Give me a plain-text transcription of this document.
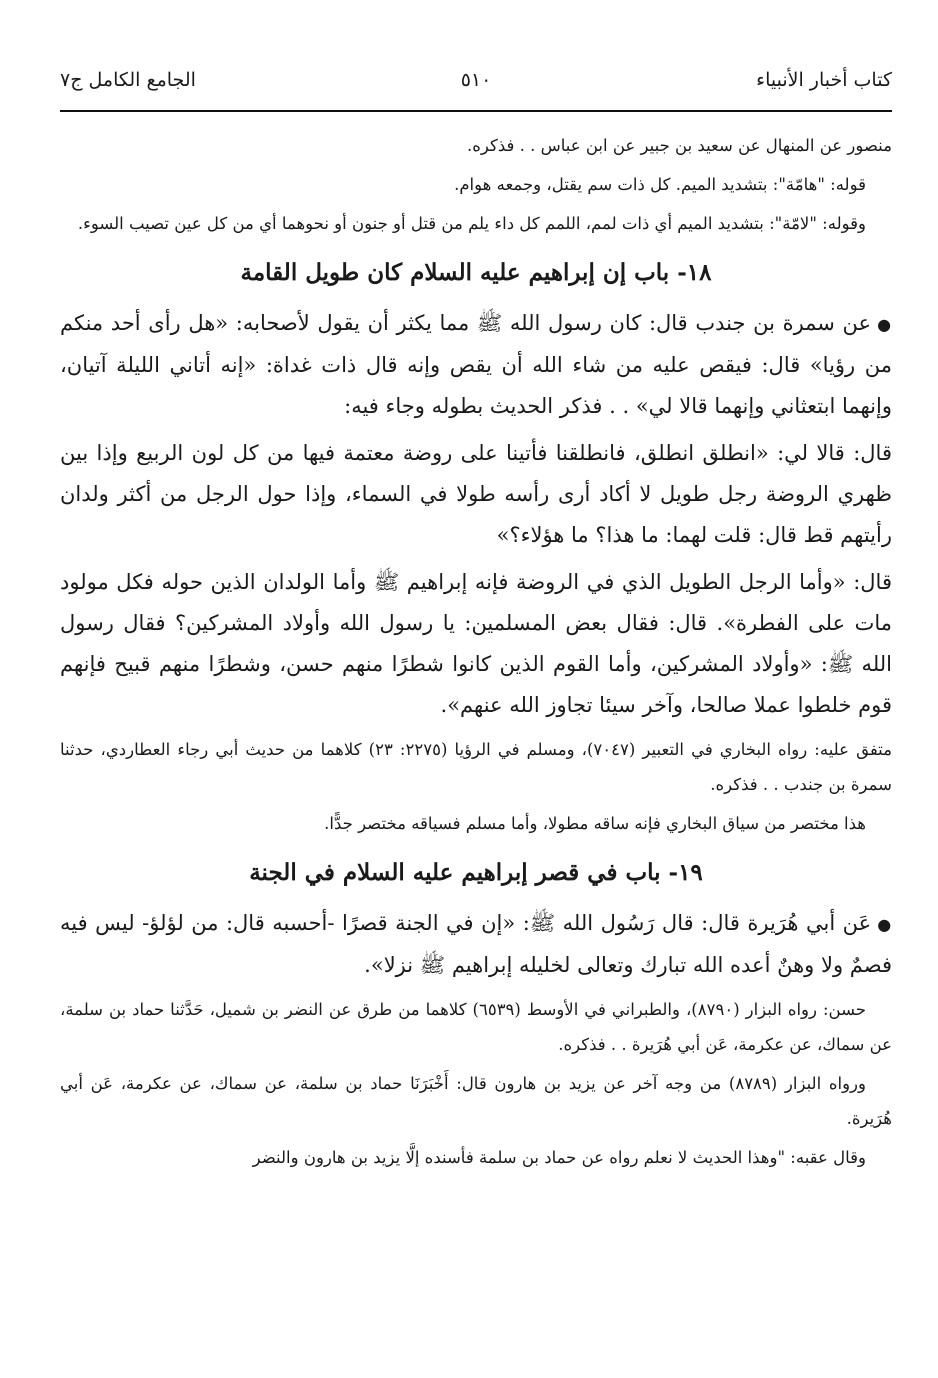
كتاب أخبار الأنبياء
٥١٠
الجامع الكامل ج٧

منصور عن المنهال عن سعيد بن جبير عن ابن عباس . . فذكره.

قوله: "هامّة": بتشديد الميم. كل ذات سم يقتل، وجمعه هوام.

وقوله: "لامّة": بتشديد الميم أي ذات لمم، اللمم كل داء يلم من قتل أو جنون أو نحوهما أي من كل عين تصيب السوء.

١٨- باب إن إبراهيم عليه السلام كان طويل القامة

●عن سمرة بن جندب قال: كان رسول الله ﷺ مما يكثر أن يقول لأصحابه: «هل رأى أحد منكم من رؤيا» قال: فيقص عليه من شاء الله أن يقص وإنه قال ذات غداة: «إنه أتاني الليلة آتيان، وإنهما ابتعثاني وإنهما قالا لي» . . فذكر الحديث بطوله وجاء فيه:

قال: قالا لي: «انطلق انطلق، فانطلقنا فأتينا على روضة معتمة فيها من كل لون الربيع وإذا بين ظهري الروضة رجل طويل لا أكاد أرى رأسه طولا في السماء، وإذا حول الرجل من أكثر ولدان رأيتهم قط قال: قلت لهما: ما هذا؟ ما هؤلاء؟»

قال: «وأما الرجل الطويل الذي في الروضة فإنه إبراهيم ﷺ وأما الولدان الذين حوله فكل مولود مات على الفطرة». قال: فقال بعض المسلمين: يا رسول الله وأولاد المشركين؟ فقال رسول الله ﷺ: «وأولاد المشركين، وأما القوم الذين كانوا شطرًا منهم حسن، وشطرًا منهم قبيح فإنهم قوم خلطوا عملا صالحا، وآخر سيئا تجاوز الله عنهم».

متفق عليه: رواه البخاري في التعبير (٧٠٤٧)، ومسلم في الرؤيا (٢٢٧٥: ٢٣) كلاهما من حديث أبي رجاء العطاردي، حدثنا سمرة بن جندب . . فذكره.

هذا مختصر من سياق البخاري فإنه ساقه مطولا، وأما مسلم فسياقه مختصر جدًّا.

١٩- باب في قصر إبراهيم عليه السلام في الجنة

●عَن أبي هُرَيرة قال: قال رَسُول الله ﷺ: «إن في الجنة قصرًا -أحسبه قال: من لؤلؤ- ليس فيه فصمٌ ولا وهنٌ أعده الله تبارك وتعالى لخليله إبراهيم ﷺ نزلا».

حسن: رواه البزار (٨٧٩٠)، والطبراني في الأوسط (٦٥٣٩) كلاهما من طرق عن النضر بن شميل، حَدَّثنا حماد بن سلمة، عن سماك، عن عكرمة، عَن أبي هُرَيرة . . فذكره.

ورواه البزار (٨٧٨٩) من وجه آخر عن يزيد بن هارون قال: أَخْبَرَنَا حماد بن سلمة، عن سماك، عن عكرمة، عَن أبي هُرَيرة.

وقال عقبه: "وهذا الحديث لا نعلم رواه عن حماد بن سلمة فأسنده إلَّا يزيد بن هارون والنضر
